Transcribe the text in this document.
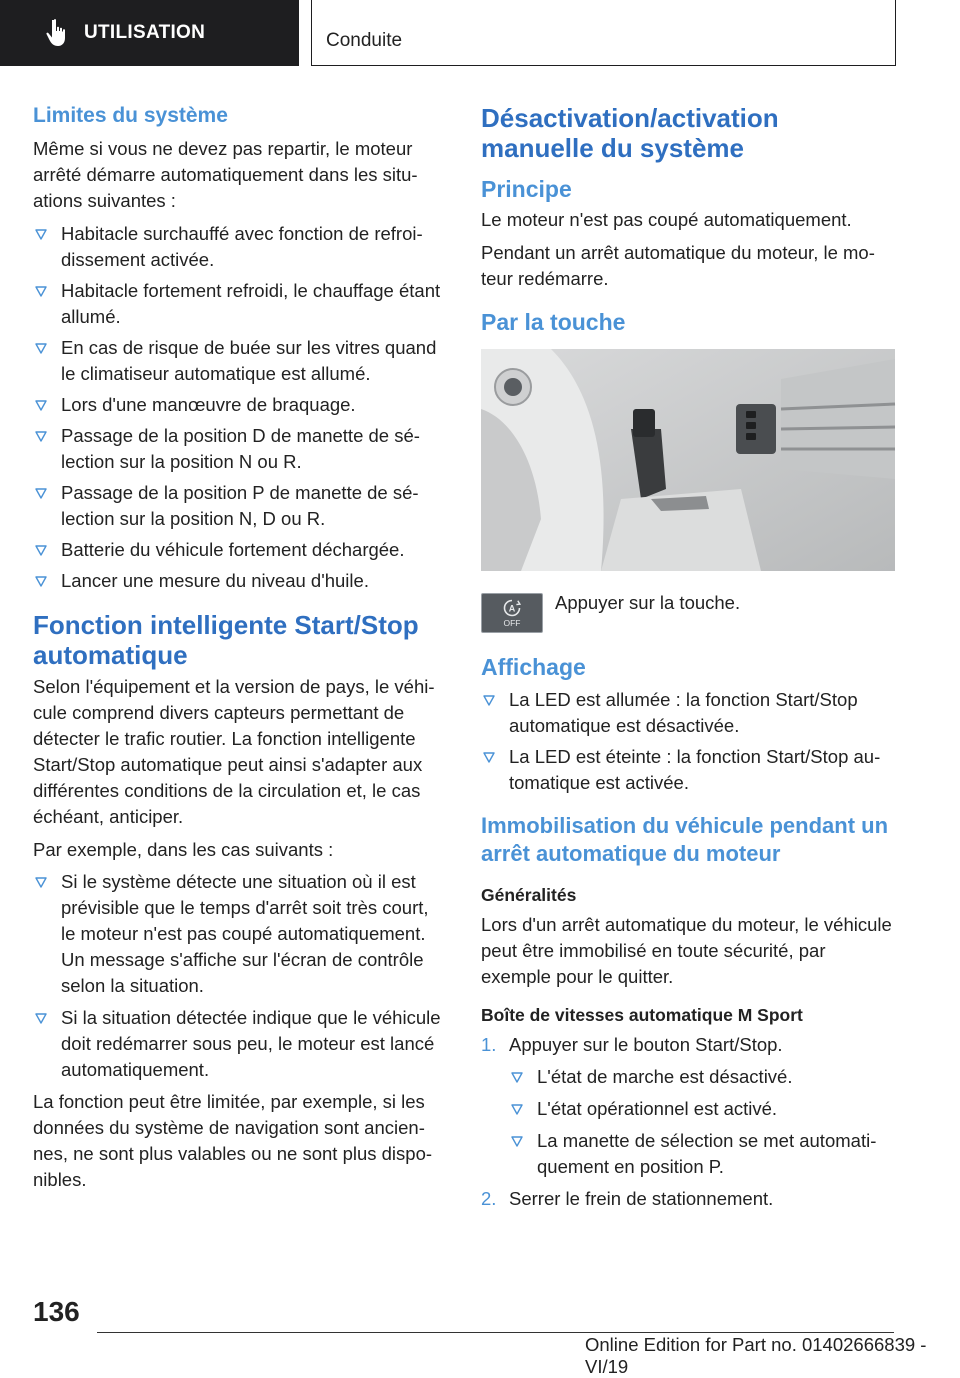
UTILISATION	Conduite
Limites du système

Même si vous ne devez pas repartir, le moteur arrêté démarre automatiquement dans les situations suivantes :

Habitacle surchauffé avec fonction de refroidissement activée.
Habitacle fortement refroidi, le chauffage étant allumé.
En cas de risque de buée sur les vitres quand le climatiseur automatique est allumé.
Lors d'une manœuvre de braquage.
Passage de la position D de manette de sélection sur la position N ou R.
Passage de la position P de manette de sélection sur la position N, D ou R.
Batterie du véhicule fortement déchargée.
Lancer une mesure du niveau d'huile.
Fonction intelligente Start/Stop automatique

Selon l'équipement et la version de pays, le véhicule comprend divers capteurs permettant de détecter le trafic routier. La fonction intelligente Start/Stop automatique peut ainsi s'adapter aux différentes conditions de la circulation et, le cas échéant, anticiper.

Par exemple, dans les cas suivants :

Si le système détecte une situation où il est prévisible que le temps d'arrêt soit très court, le moteur n'est pas coupé automatiquement. Un message s'affiche sur l'écran de contrôle selon la situation.
Si la situation détectée indique que le véhicule doit redémarrer sous peu, le moteur est lancé automatiquement.

La fonction peut être limitée, par exemple, si les données du système de navigation sont anciennes, ne sont plus valables ou ne sont plus disponibles.

Désactivation/activation manuelle du système
Principe

Le moteur n'est pas coupé automatiquement.

Pendant un arrêt automatique du moteur, le moteur redémarre.

Par la touche
A
OFF

Appuyer sur la touche.

Affichage
La LED est allumée : la fonction Start/Stop automatique est désactivée.
La LED est éteinte : la fonction Start/Stop automatique est activée.
Immobilisation du véhicule pendant un arrêt automatique du moteur
Généralités

Lors d'un arrêt automatique du moteur, le véhicule peut être immobilisé en toute sécurité, par exemple pour le quitter.

Boîte de vitesses automatique M Sport
1. Appuyer sur le bouton Start/Stop.
L'état de marche est désactivé.
L'état opérationnel est activé.
La manette de sélection se met automatiquement en position P.
2. Serrer le frein de stationnement.
136
Online Edition for Part no. 01402666839 - VI/19
